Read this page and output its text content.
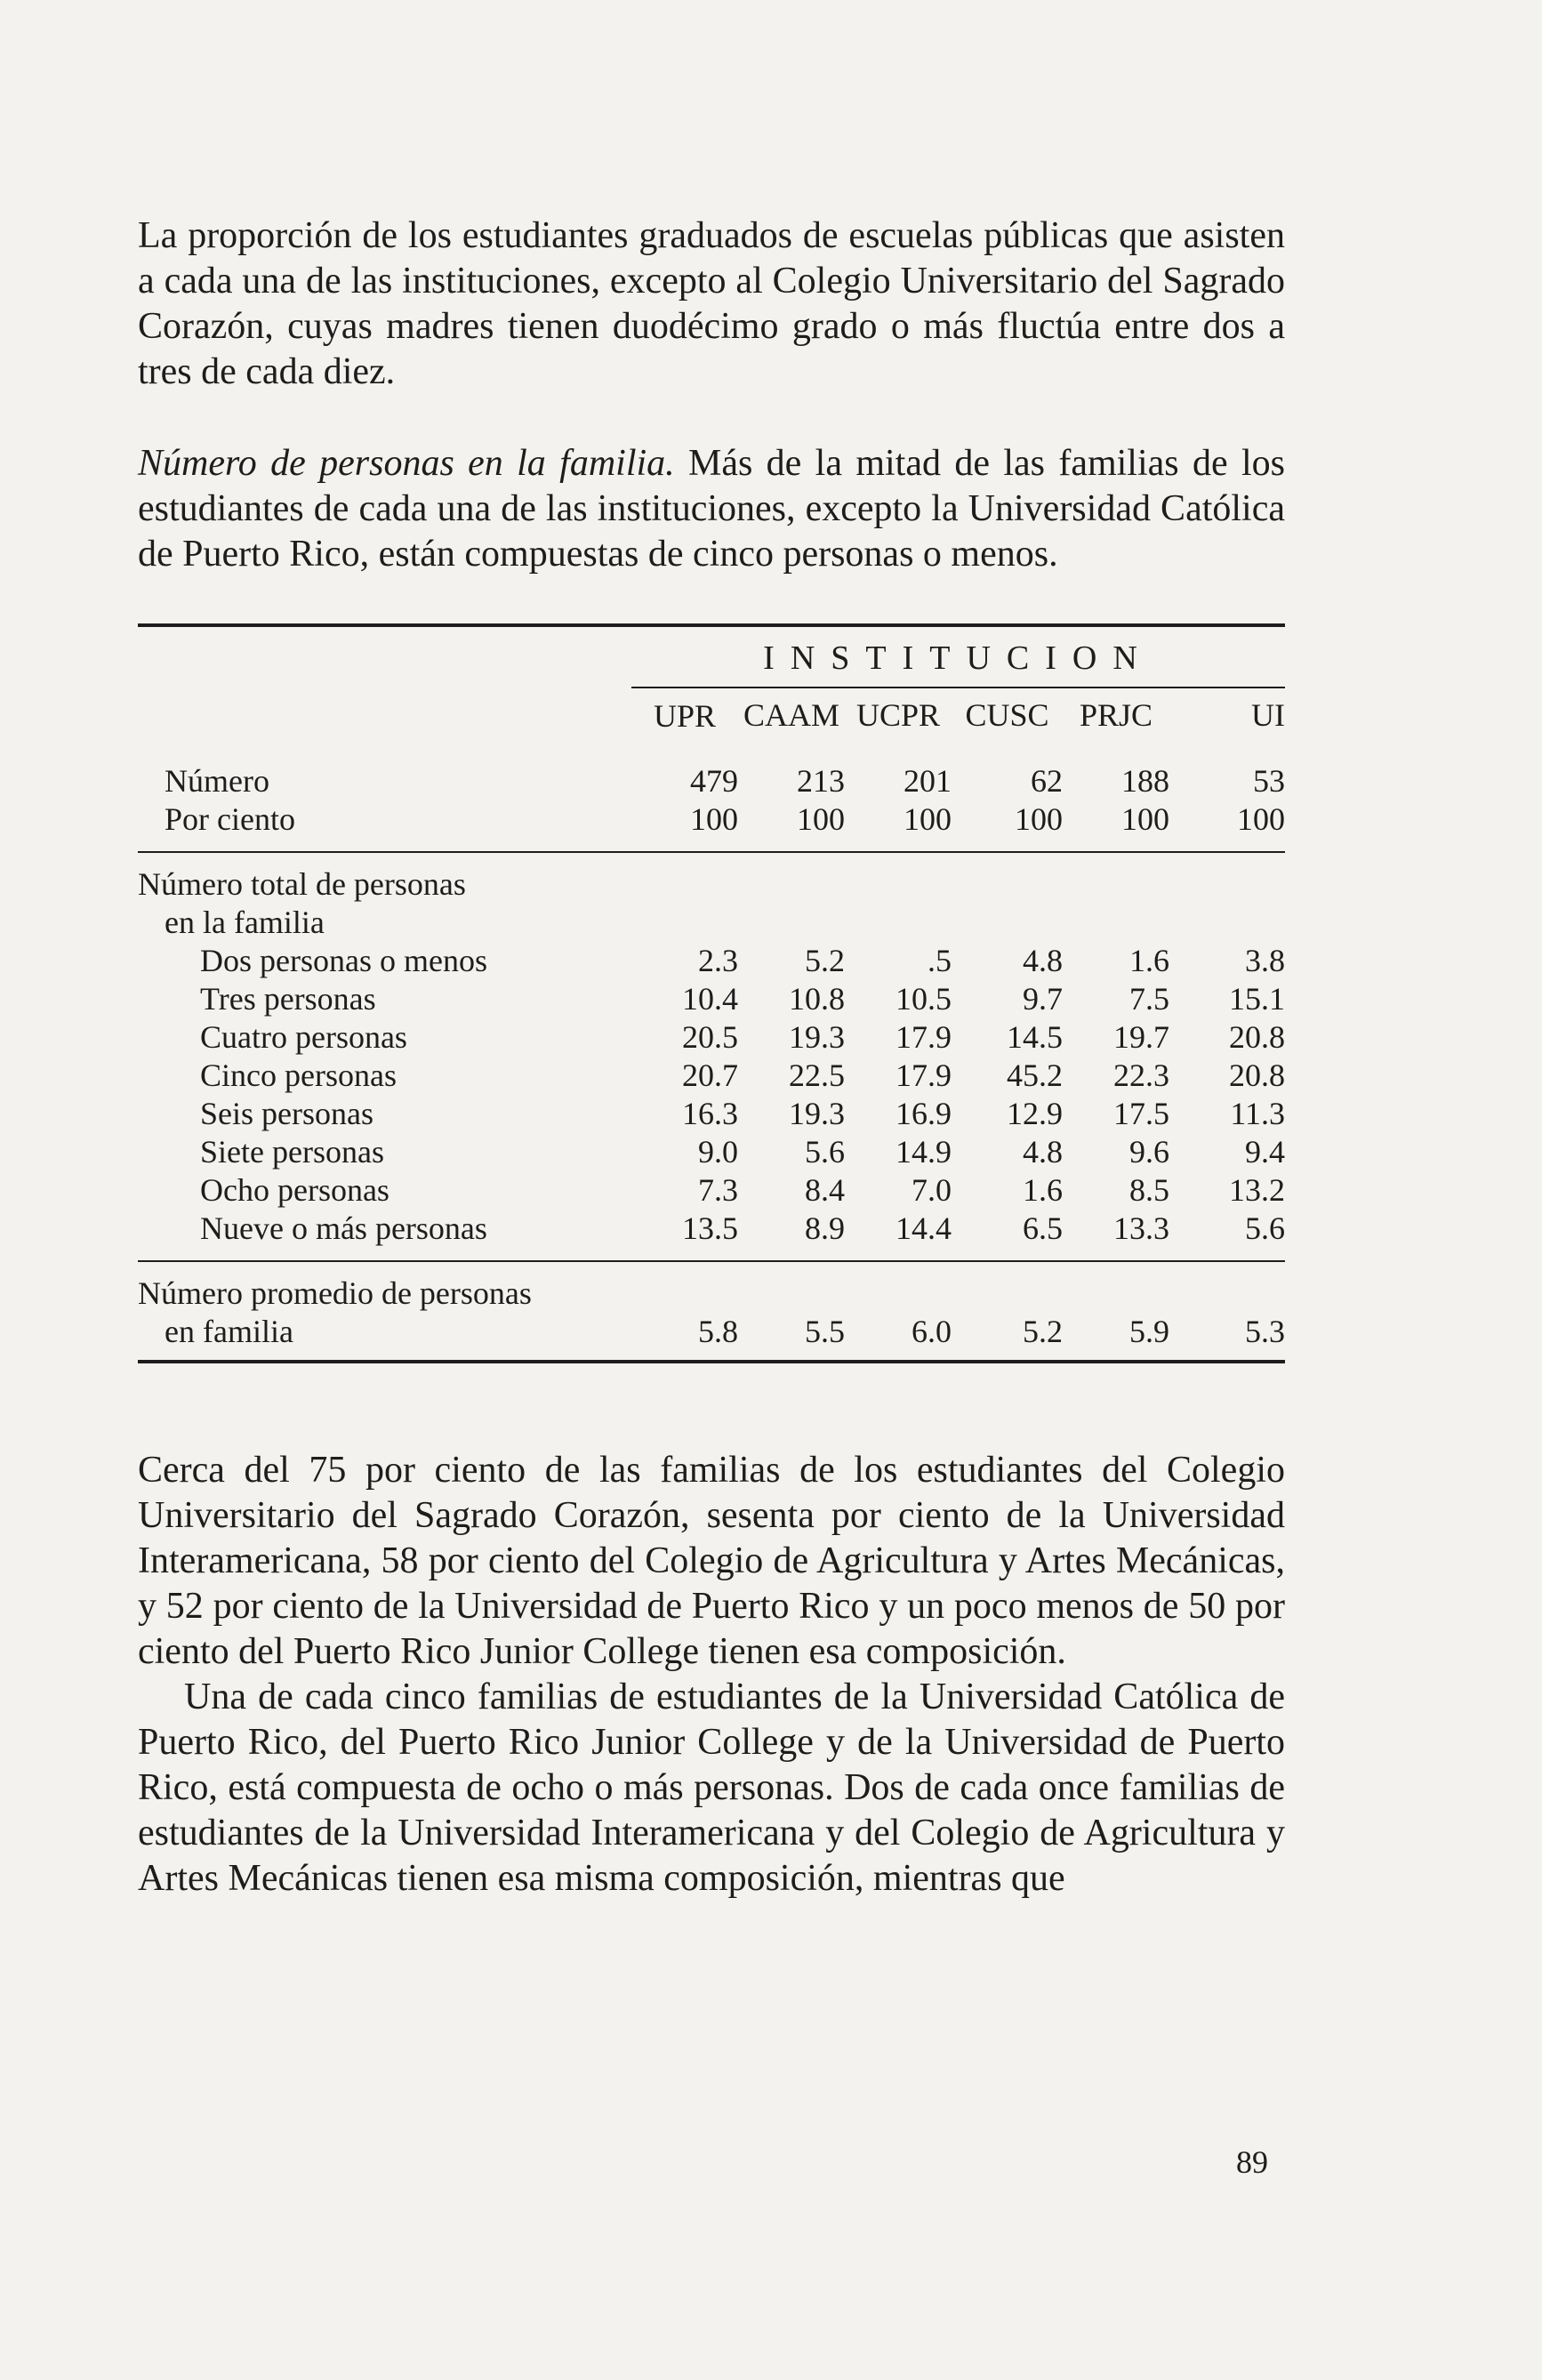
La proporción de los estudiantes graduados de escuelas públicas que asisten a cada una de las instituciones, excepto al Colegio Universitario del Sagrado Corazón, cuyas madres tienen duodécimo grado o más fluctúa entre dos a tres de cada diez.

Número de personas en la familia. Más de la mitad de las familias de los estudiantes de cada una de las instituciones, excepto la Universidad Católica de Puerto Rico, están compuestas de cinco personas o menos.

	INSTITUCION					
	UPR	CAAM	UCPR	CUSC	PRJC	UI

Número	479	213	201	62	188	53
Por ciento	100	100	100	100	100	100

Número total de personas						
en la familia						
Dos personas o menos	2.3	5.2	.5	4.8	1.6	3.8
Tres personas	10.4	10.8	10.5	9.7	7.5	15.1
Cuatro personas	20.5	19.3	17.9	14.5	19.7	20.8
Cinco personas	20.7	22.5	17.9	45.2	22.3	20.8
Seis personas	16.3	19.3	16.9	12.9	17.5	11.3
Siete personas	9.0	5.6	14.9	4.8	9.6	9.4
Ocho personas	7.3	8.4	7.0	1.6	8.5	13.2
Nueve o más personas	13.5	8.9	14.4	6.5	13.3	5.6

Número promedio de personas						
en familia	5.8	5.5	6.0	5.2	5.9	5.3

Cerca del 75 por ciento de las familias de los estudiantes del Colegio Universitario del Sagrado Corazón, sesenta por ciento de la Universidad Interamericana, 58 por ciento del Colegio de Agricultura y Artes Mecánicas, y 52 por ciento de la Universidad de Puerto Rico y un poco menos de 50 por ciento del Puerto Rico Junior College tienen esa composición.

Una de cada cinco familias de estudiantes de la Universidad Católica de Puerto Rico, del Puerto Rico Junior College y de la Universidad de Puerto Rico, está compuesta de ocho o más personas. Dos de cada once familias de estudiantes de la Universidad Interamericana y del Colegio de Agricultura y Artes Mecánicas tienen esa misma composición, mientras que

89
